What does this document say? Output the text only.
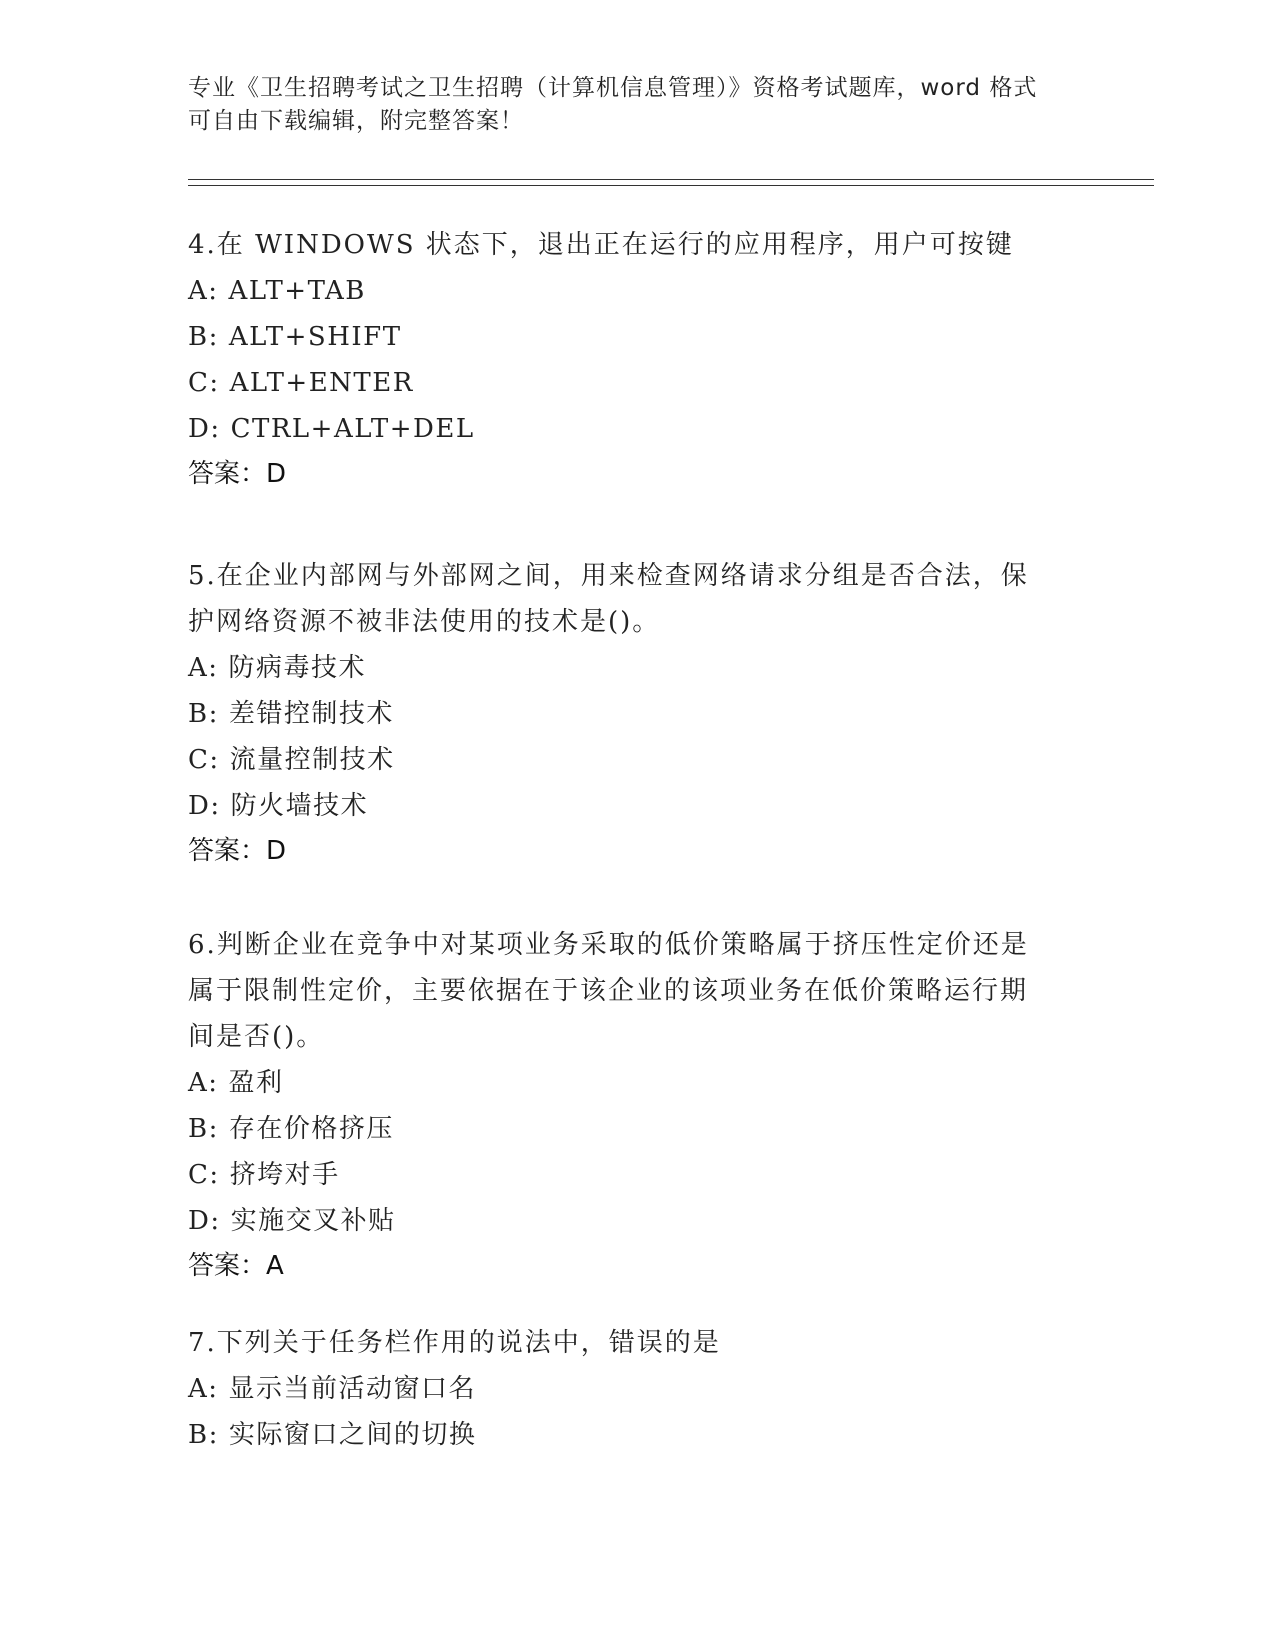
专业《卫生招聘考试之卫生招聘（计算机信息管理）》资格考试题库，word 格式
可自由下载编辑，附完整答案！
4.在 WINDOWS 状态下，退出正在运行的应用程序，用户可按键
A: ALT+TAB
B: ALT+SHIFT
C: ALT+ENTER
D: CTRL+ALT+DEL
答案：D
5.在企业内部网与外部网之间，用来检查网络请求分组是否合法，保
护网络资源不被非法使用的技术是()。
A: 防病毒技术
B: 差错控制技术
C: 流量控制技术
D: 防火墙技术
答案：D
6.判断企业在竞争中对某项业务采取的低价策略属于挤压性定价还是
属于限制性定价，主要依据在于该企业的该项业务在低价策略运行期
间是否()。
A: 盈利
B: 存在价格挤压
C: 挤垮对手
D: 实施交叉补贴
答案：A
7.下列关于任务栏作用的说法中，错误的是
A: 显示当前活动窗口名
B: 实际窗口之间的切换
